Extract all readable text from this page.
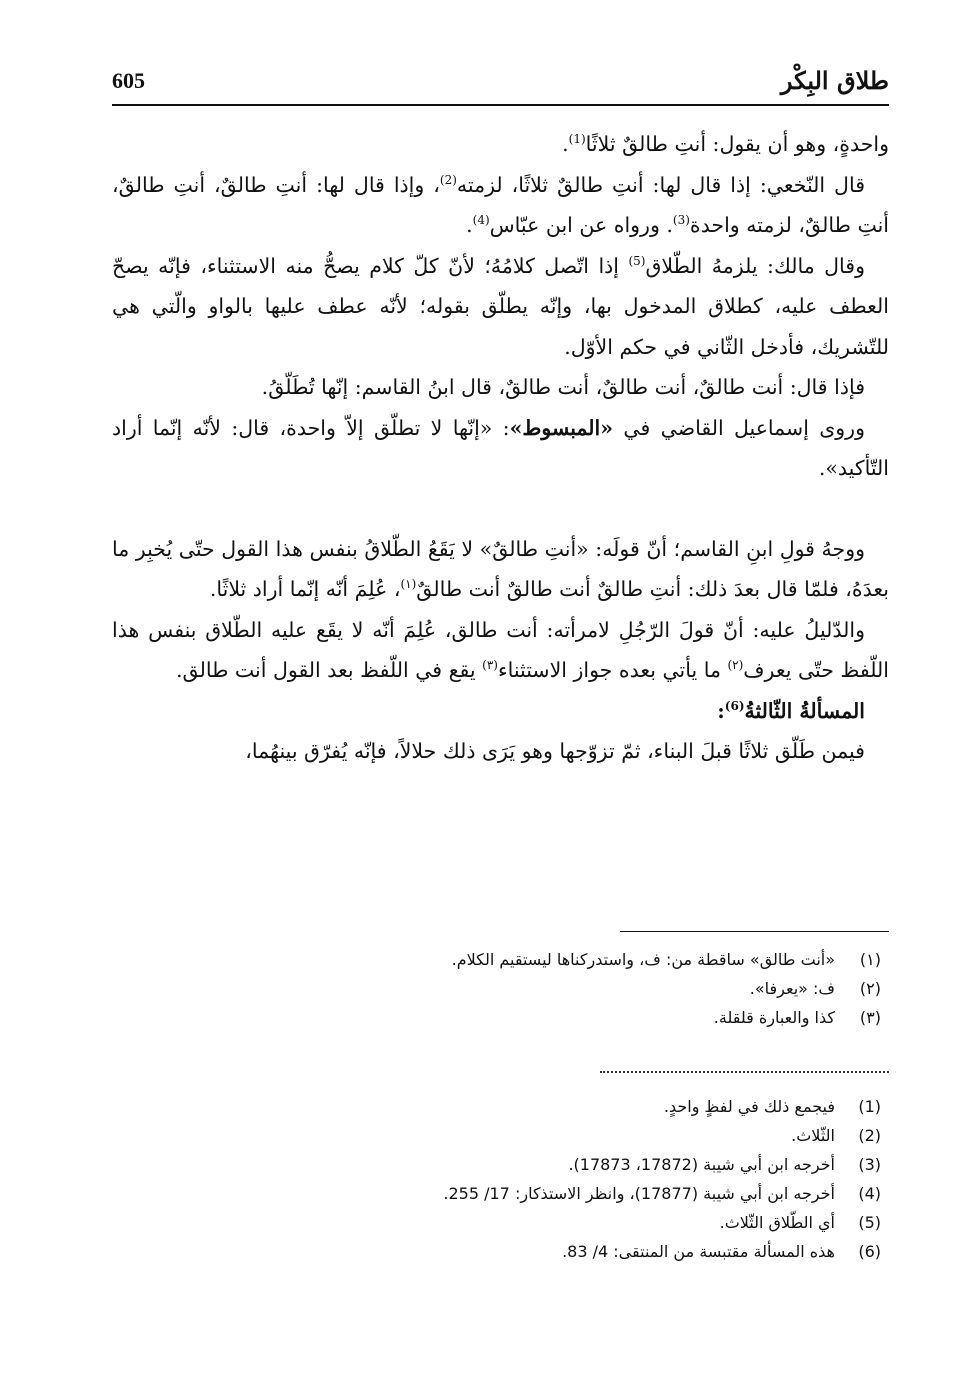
طلاق البِكْر
605

واحدةٍ، وهو أن يقول: أنتِ طالقٌ ثلاثًا$^{(1)}$.

قال النّخعي: إذا قال لها: أنتِ طالقٌ ثلاثًا، لزمته$^{(2)}$، وإذا قال لها: أنتِ طالقٌ، أنتِ طالقٌ، أنتِ طالقٌ، لزمته واحدة$^{(3)}$. ورواه عن ابن عبّاس$^{(4)}$.

وقال مالك: يلزمهُ الطّلاق$^{(5)}$ إذا اتّصل كلامُهُ؛ لأنّ كلّ كلام يصحُّ منه الاستثناء، فإنّه يصحّ العطف عليه، كطلاق المدخول بها، وإنّه يطلّق بقوله؛ لأنّه عطف عليها بالواو والّتي هي للتّشريك، فأدخل الثّاني في حكم الأوّل.

فإذا قال: أنت طالقٌ، أنت طالقٌ، أنت طالقٌ، قال ابنُ القاسم: إنّها تُطَلّقُ.

وروى إسماعيل القاضي في «المبسوط»: «إنّها لا تطلّق إلاّ واحدة، قال: لأنّه إنّما أراد التّأكيد».

ووجهُ قولِ ابنِ القاسم؛ أنّ قولَه: «أنتِ طالقٌ» لا يَقَعُ الطّلاقُ بنفس هذا القول حتّى يُخبِر ما بعدَهُ، فلمّا قال بعدَ ذلك: أنتِ طالقٌ أنت طالقٌ أنت طالقٌ$^{(١)}$، عُلِمَ أنّه إنّما أراد ثلاثًا.

والدّليلُ عليه: أنّ قولَ الرّجُلِ لامرأته: أنت طالق، عُلِمَ أنّه لا يقَع عليه الطّلاق بنفس هذا اللّفظ حتّى يعرف$^{(٢)}$ ما يأتي بعده جواز الاستثناء$^{(٣)}$ يقع في اللّفظ بعد القول أنت طالق.

المسألةُ الثّالثةُ$^{(6)}$:

فيمن طَلّق ثلاثًا قبلَ البناء، ثمّ تزوّجها وهو يَرَى ذلك حلالاً، فإنّه يُفرّق بينهُما،

(١)
«أنت طالق» ساقطة من: ف، واستدركناها ليستقيم الكلام.
(٢)
ف: «يعرفا».
(٣)
كذا والعبارة قلقلة.
(1)
فيجمع ذلك في لفظٍ واحدٍ.
(2)
الثّلاث.
(3)
أخرجه ابن أبي شيبة (17872، 17873).
(4)
أخرجه ابن أبي شيبة (17877)، وانظر الاستذكار: 17/ 255.
(5)
أي الطّلاق الثّلاث.
(6)
هذه المسألة مقتبسة من المنتقى: 4/ 83.
